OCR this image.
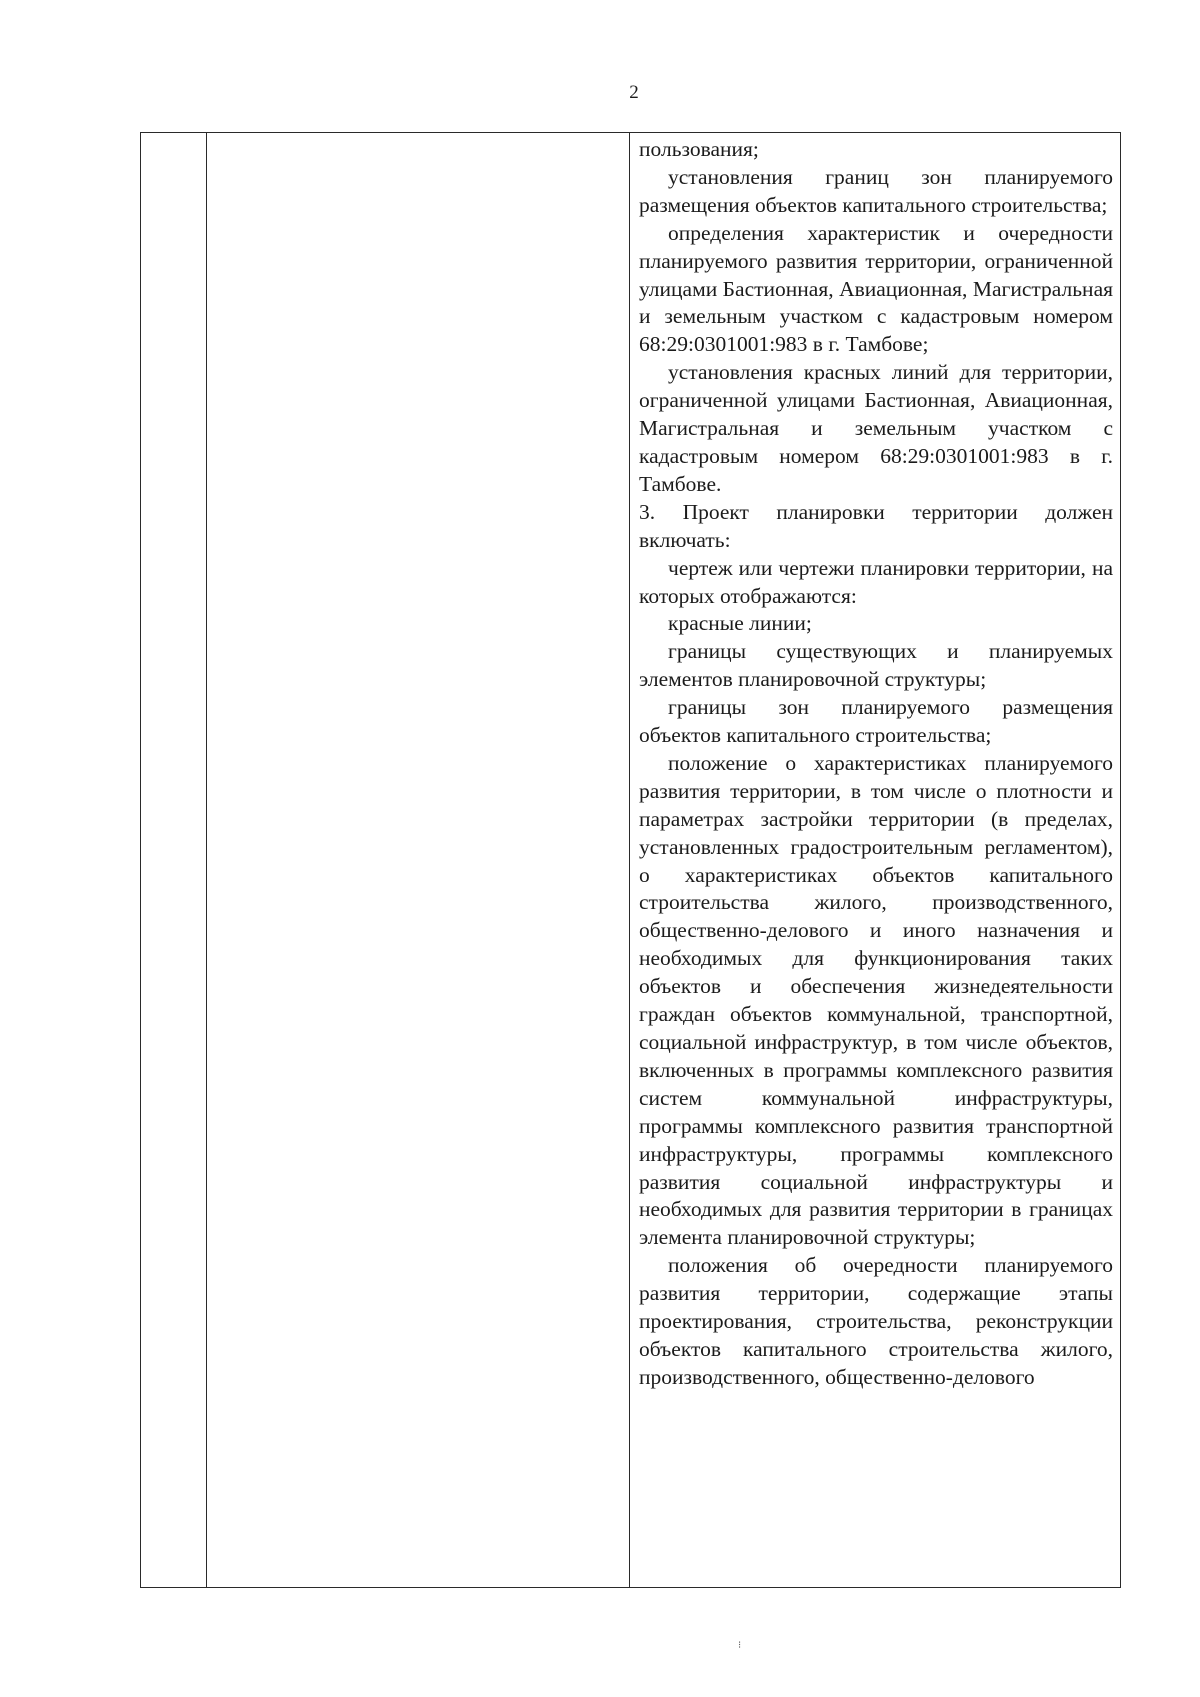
2

пользования;

установления границ зон планируемого размещения объектов капитального строительства;

определения характеристик и очередности планируемого развития территории, ограниченной улицами Бастионная, Авиационная, Магистральная и земельным участком с кадастровым номером 68:29:0301001:983 в г. Тамбове;

установления красных линий для территории, ограниченной улицами Бастионная, Авиационная, Магистральная и земельным участком с кадастровым номером 68:29:0301001:983 в г. Тамбове.

3. Проект планировки территории должен включать:

чертеж или чертежи планировки территории, на которых отображаются:

красные линии;

границы существующих и планируемых элементов планировочной структуры;

границы зон планируемого размещения объектов капитального строительства;

положение о характеристиках планируемого развития территории, в том числе о плотности и параметрах застройки территории (в пределах, установленных градостроительным регламентом), о характеристиках объектов капитального строительства жилого, производственного, общественно-делового и иного назначения и необходимых для функционирования таких объектов и обеспечения жизнедеятельности граждан объектов коммунальной, транспортной, социальной инфраструктур, в том числе объектов, включенных в программы комплексного развития систем коммунальной инфраструктуры, программы комплексного развития транспортной инфраструктуры, программы комплексного развития социальной инфраструктуры и необходимых для развития территории в границах элемента планировочной структуры;

положения об очередности планируемого развития территории, содержащие этапы проектирования, строительства, реконструкции объектов капитального строительства жилого, производственного, общественно-делового

⁝
